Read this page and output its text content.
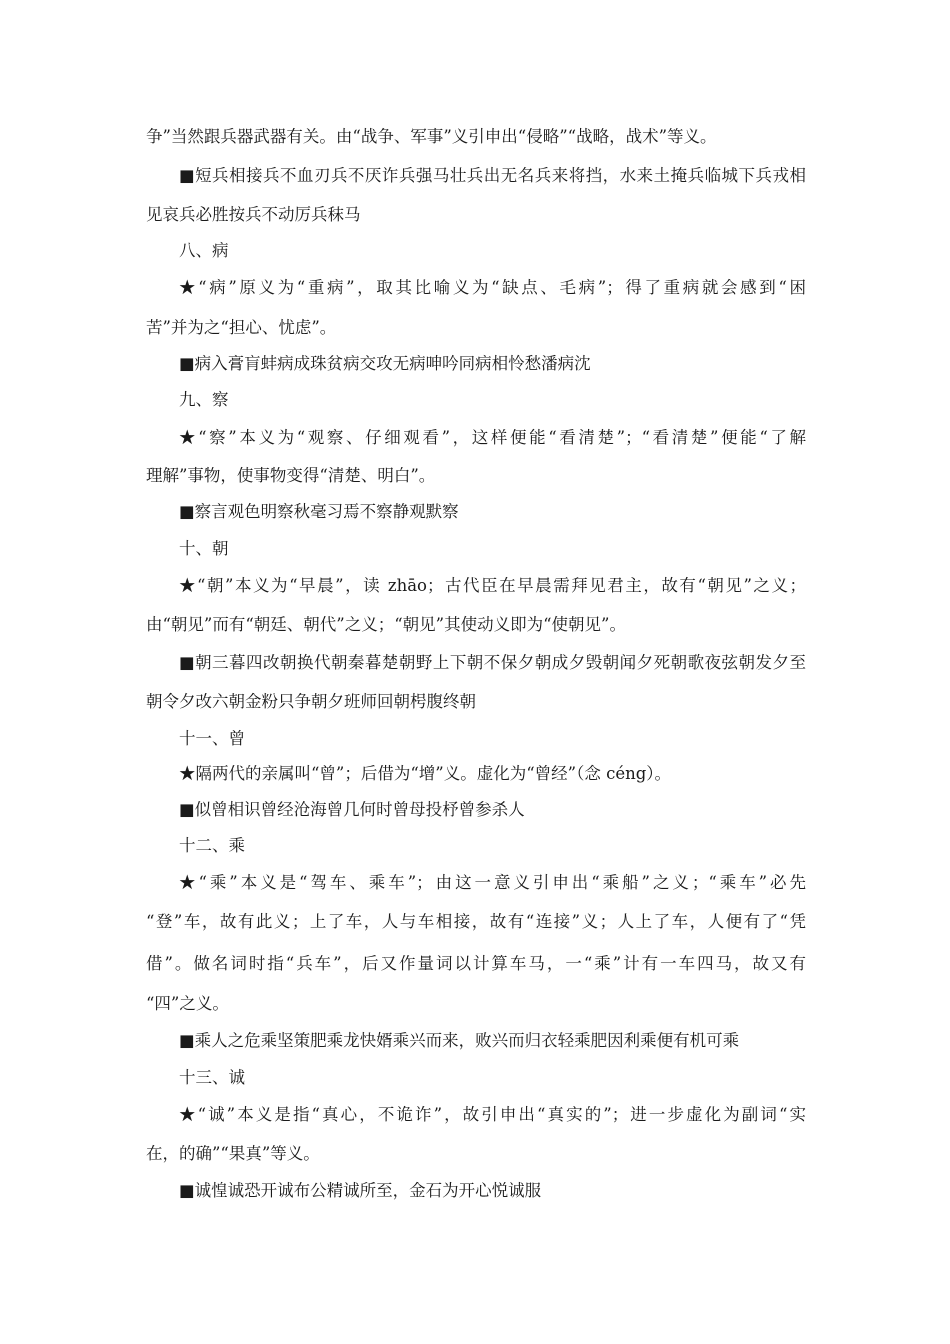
争”当然跟兵器武器有关。由“战争、军事”义引申出“侵略”“战略，战术”等义。

■短兵相接兵不血刃兵不厌诈兵强马壮兵出无名兵来将挡，水来土掩兵临城下兵戎相

见哀兵必胜按兵不动厉兵秣马

八、病

★“病”原义为“重病”，取其比喻义为“缺点、毛病”；得了重病就会感到“困

苦”并为之“担心、忧虑”。

■病入膏肓蚌病成珠贫病交攻无病呻吟同病相怜愁潘病沈

九、察

★“察”本义为“观察、仔细观看”，这样便能“看清楚”；“看清楚”便能“了解

理解”事物，使事物变得“清楚、明白”。

■察言观色明察秋毫习焉不察静观默察

十、朝

★“朝”本义为“早晨”，读 zhāo；古代臣在早晨需拜见君主，故有“朝见”之义；

由“朝见”而有“朝廷、朝代”之义；“朝见”其使动义即为“使朝见”。

■朝三暮四改朝换代朝秦暮楚朝野上下朝不保夕朝成夕毁朝闻夕死朝歌夜弦朝发夕至

朝令夕改六朝金粉只争朝夕班师回朝枵腹终朝

十一、曾

★隔两代的亲属叫“曾”；后借为“增”义。虚化为“曾经”（念 céng）。

■似曾相识曾经沧海曾几何时曾母投杼曾参杀人

十二、乘

★“乘”本义是“驾车、乘车”；由这一意义引申出“乘船”之义；“乘车”必先

“登”车，故有此义；上了车，人与车相接，故有“连接”义；人上了车，人便有了“凭

借”。做名词时指“兵车”，后又作量词以计算车马，一“乘”计有一车四马，故又有

“四”之义。

■乘人之危乘坚策肥乘龙快婿乘兴而来，败兴而归衣轻乘肥因利乘便有机可乘

十三、诚

★“诚”本义是指“真心，不诡诈”，故引申出“真实的”；进一步虚化为副词“实

在，的确”“果真”等义。

■诚惶诚恐开诚布公精诚所至，金石为开心悦诚服
